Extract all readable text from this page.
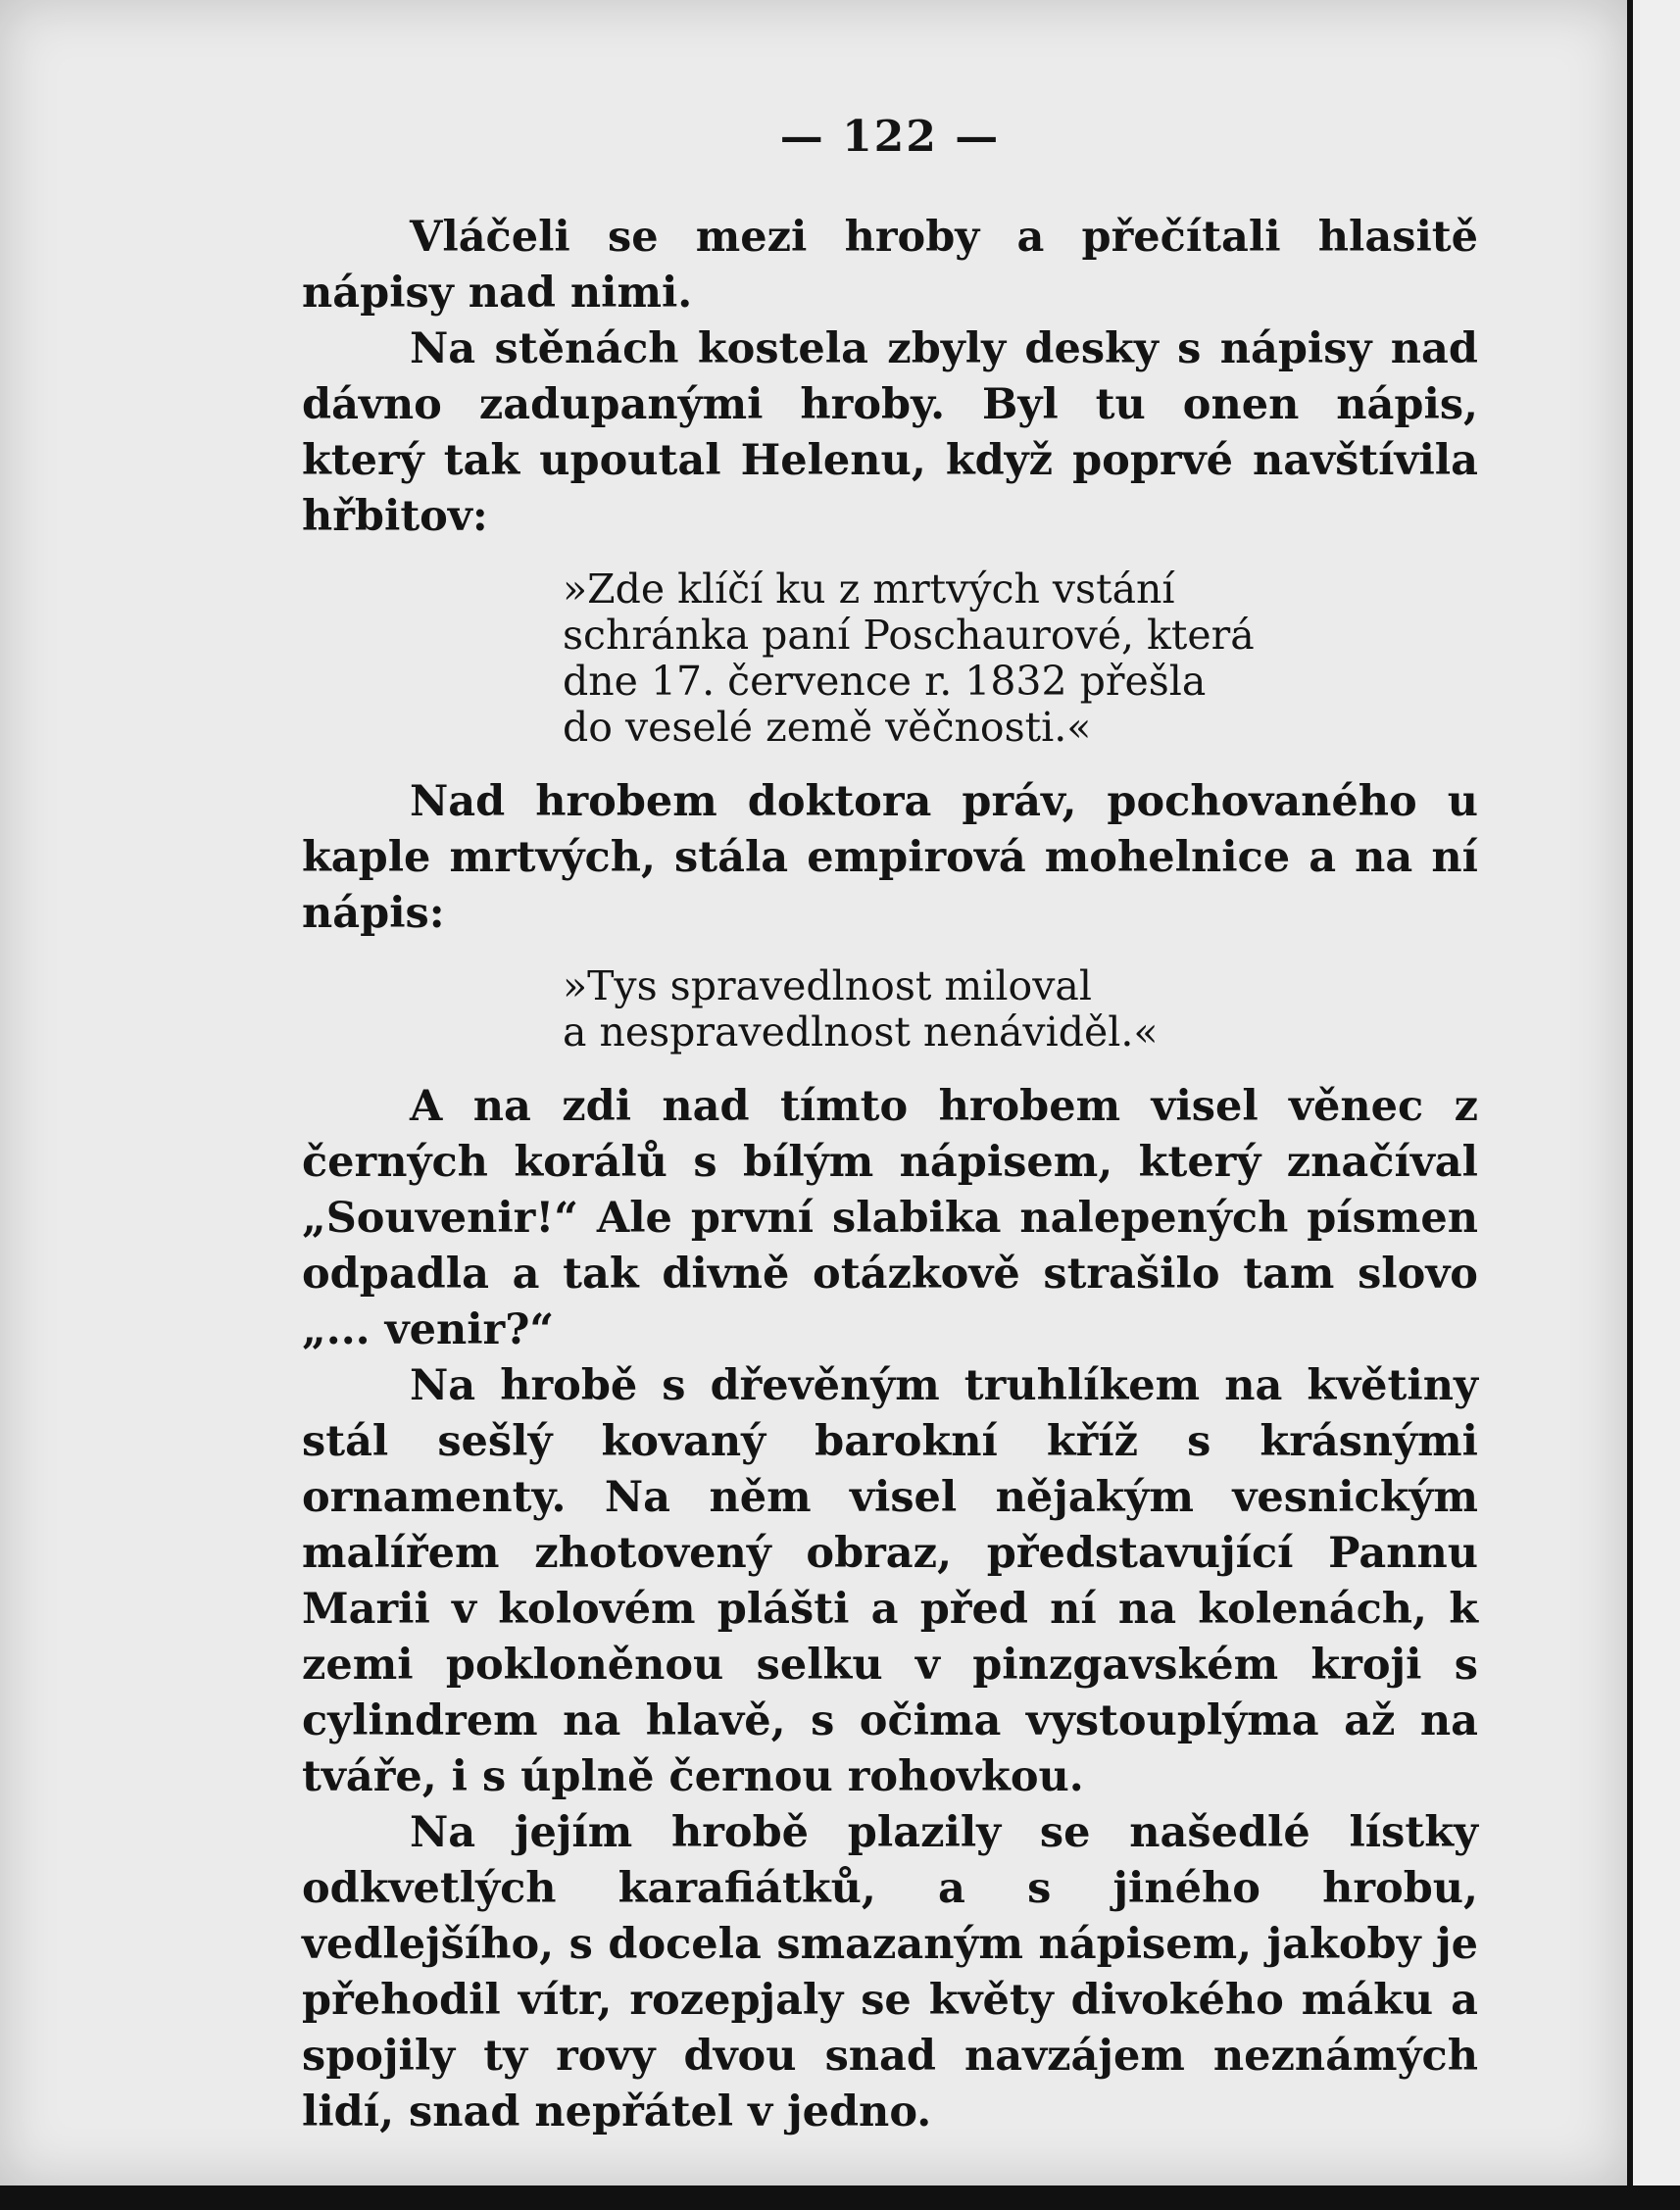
— 122 —

Vláčeli se mezi hroby a přečítali hlasitě nápisy nad nimi.

Na stěnách kostela zbyly desky s nápisy nad dávno zadupanými hroby. Byl tu onen nápis, který tak upoutal Helenu, když poprvé navštívila hřbitov:

»Zde klíčí ku z mrtvých vstání
schránka paní Poschaurové, která
dne 17. července r. 1832 přešla
do veselé země věčnosti.«

Nad hrobem doktora práv, pochovaného u kaple mrtvých, stála empirová mohelnice a na ní nápis:

»Tys spravedlnost miloval
a nespravedlnost nenáviděl.«

A na zdi nad tímto hrobem visel věnec z černých korálů s bílým nápisem, který značíval „Souvenir!“ Ale první slabika nalepených písmen odpadla a tak divně otázkově strašilo tam slovo „... venir?“

Na hrobě s dřevěným truhlíkem na květiny stál sešlý kovaný barokní kříž s krásnými ornamenty. Na něm visel nějakým vesnickým malířem zhotovený obraz, představující Pannu Marii v kolovém plášti a před ní na kolenách, k zemi pokloněnou selku v pinzgavském kroji s cylindrem na hlavě, s očima vystouplýma až na tváře, i s úplně černou rohovkou.

Na jejím hrobě plazily se našedlé lístky odkvetlých karafiátků, a s jiného hrobu, vedlejšího, s docela smazaným nápisem, jakoby je přehodil vítr, rozepjaly se květy divokého máku a spojily ty rovy dvou snad navzájem neznámých lidí, snad nepřátel v jedno.
